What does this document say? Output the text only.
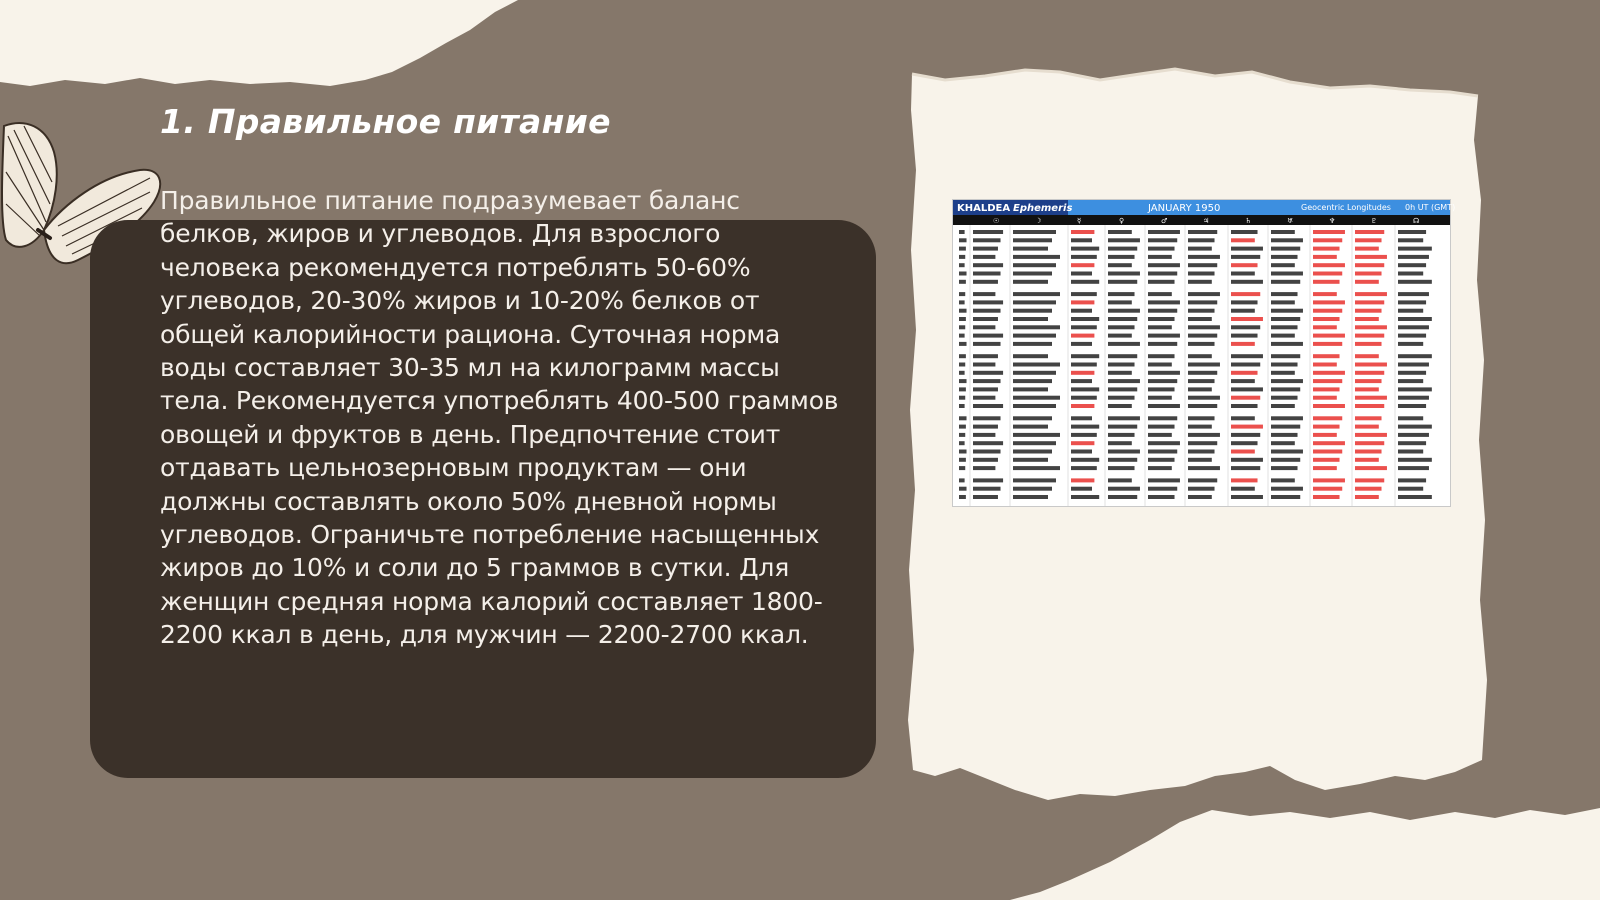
1. Правильное питание

Правильное питание подразумевает баланс белков, жиров и углеводов. Для взрослого человека рекомендуется потреблять 50-60% углеводов, 20-30% жиров и 10-20% белков от общей калорийности рациона. Суточная норма воды составляет 30-35 мл на килограмм массы тела. Рекомендуется употреблять 400-500 граммов овощей и фруктов в день. Предпочтение стоит отдавать цельнозерновым продуктам — они должны составлять около 50% дневной нормы углеводов. Ограничьте потребление насыщенных жиров до 10% и соли до 5 граммов в сутки. Для женщин средняя норма калорий составляет 1800-2200 ккал в день, для мужчин — 2200-2700 ккал.

KHALDEA Ephemeris	JANUARY 1950	Geocentric Longitudes 0h UT (GMT)
☉	☽	☿	♀	♂	♃	♄	♅	♆	♇	☊
